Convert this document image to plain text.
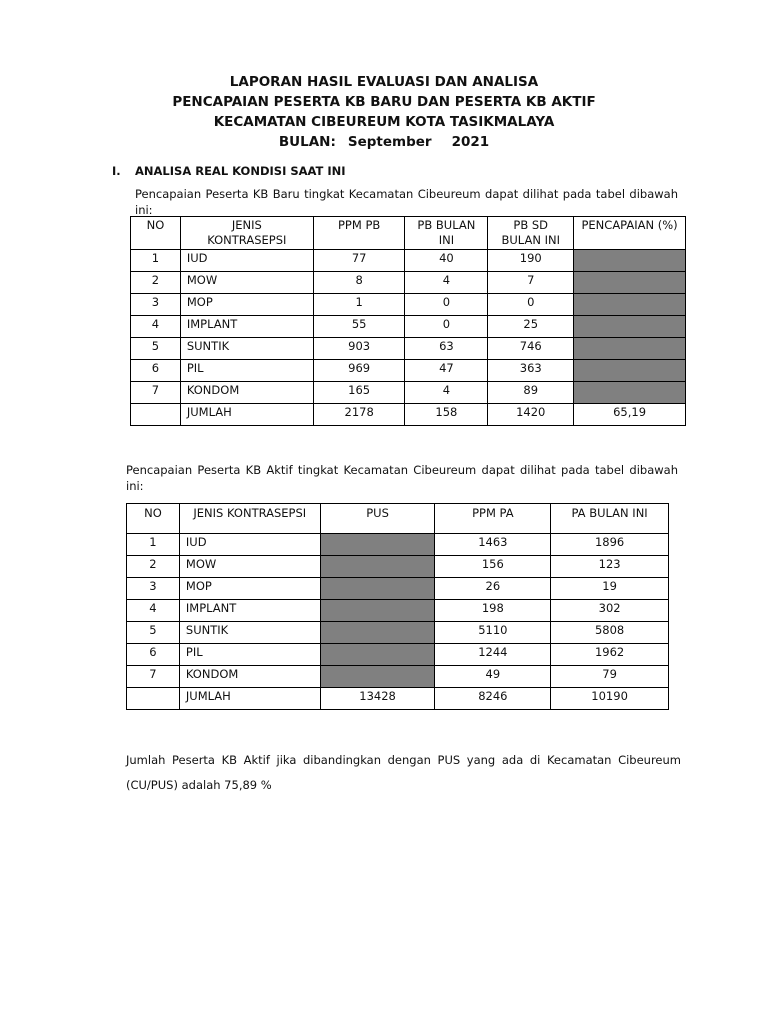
LAPORAN HASIL EVALUASI DAN ANALISA
PENCAPAIAN PESERTA KB BARU DAN PESERTA KB AKTIF
KECAMATAN CIBEUREUM KOTA TASIKMALAYA
BULAN: September 2021
I. ANALISA REAL KONDISI SAAT INI
Pencapaian Peserta KB Baru tingkat Kecamatan Cibeureum dapat dilihat pada tabel dibawah ini:
NO	JENIS KONTRASEPSI	PPM PB	PB BULAN INI	PB SD BULAN INI	PENCAPAIAN (%)
1	IUD	77	40	190	
2	MOW	8	4	7	
3	MOP	1	0	0	
4	IMPLANT	55	0	25	
5	SUNTIK	903	63	746	
6	PIL	969	47	363	
7	KONDOM	165	4	89	
	JUMLAH	2178	158	1420	65,19
Pencapaian Peserta KB Aktif tingkat Kecamatan Cibeureum dapat dilihat pada tabel dibawah ini:
NO	JENIS KONTRASEPSI	PUS	PPM PA	PA BULAN INI
1	IUD		1463	1896
2	MOW		156	123
3	MOP		26	19
4	IMPLANT		198	302
5	SUNTIK		5110	5808
6	PIL		1244	1962
7	KONDOM		49	79
	JUMLAH	13428	8246	10190
Jumlah Peserta KB Aktif jika dibandingkan dengan PUS yang ada di Kecamatan Cibeureum (CU/PUS) adalah 75,89 %
